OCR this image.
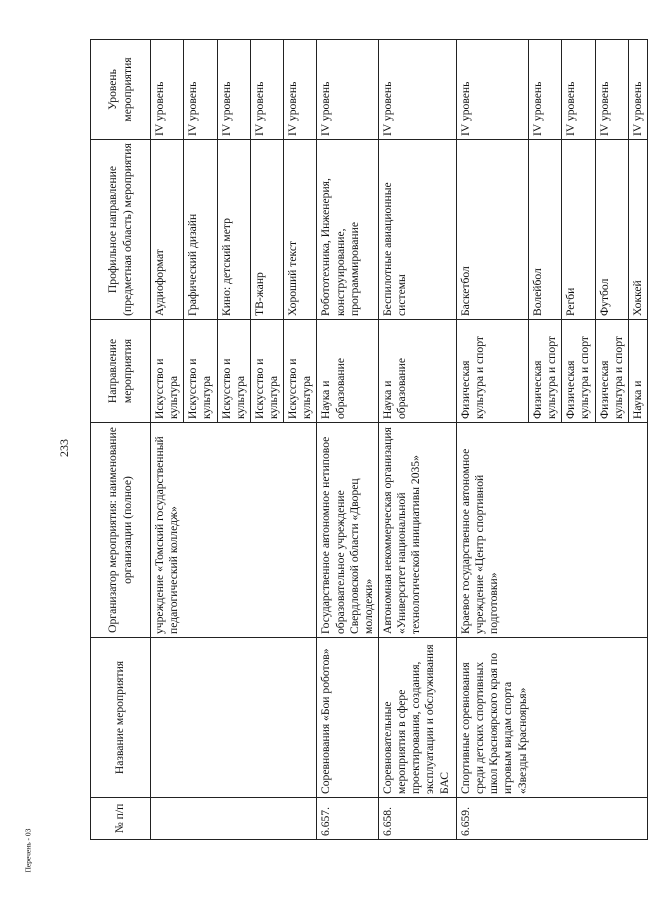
233
Перечень - 03
№ п/п	Название мероприятия	Организатор мероприятия: наименование организации (полное)	Направление мероприятия	Профильное направление (предметная область) мероприятия	Уровень мероприятия
		учреждение «Томский государственный педагогический колледж»	Искусство и культура	Аудиоформат	IV уровень
			Искусство и культура	Графический дизайн	IV уровень
			Искусство и культура	Кино: детский метр	IV уровень
			Искусство и культура	ТВ-жанр	IV уровень
			Искусство и культура	Хороший текст	IV уровень
6.657.	Соревнования «Бои роботов»	Государственное автономное нетиповое образовательное учреждение Свердловской области «Дворец молодежи»	Наука и образование	Робототехника, Инженерия, конструирование, программирование	IV уровень
6.658.	Соревновательные мероприятия в сфере проектирования, создания, эксплуатации и обслуживания БАС	Автономная некоммерческая организация «Университет национальной технологической инициативы 2035»	Наука и образование	Беспилотные авиационные системы	IV уровень
6.659.	Спортивные соревнования среди детских спортивных школ Красноярского края по игровым видам спорта «Звезды Красноярья»	Краевое государственное автономное учреждение «Центр спортивной подготовки»	Физическая культура и спорт	Баскетбол	IV уровень
			Физическая культура и спорт	Волейбол	IV уровень
			Физическая культура и спорт	Регби	IV уровень
			Физическая культура и спорт	Футбол	IV уровень
			Наука и	Хоккей	IV уровень
